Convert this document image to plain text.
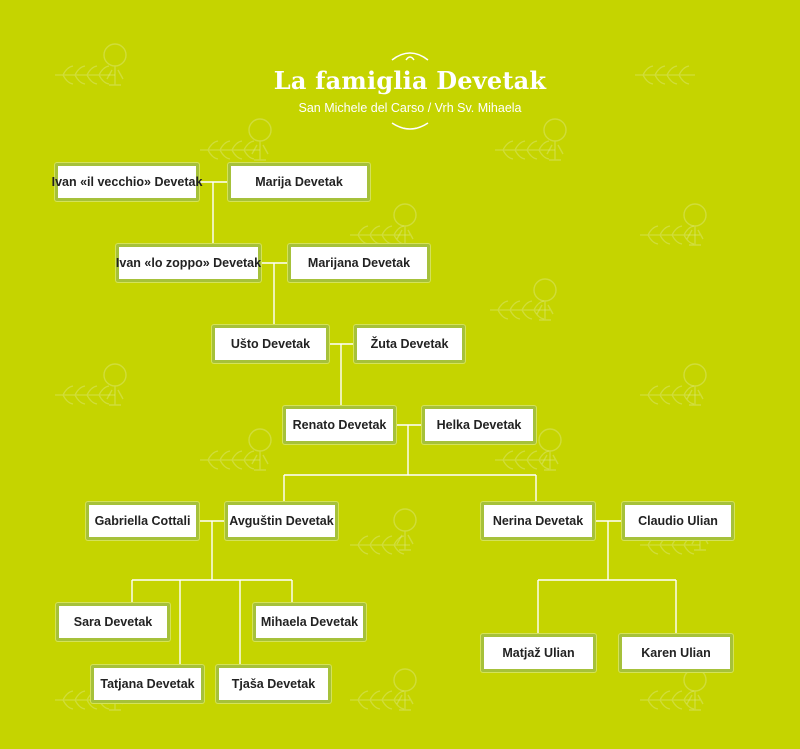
La famiglia Devetak
San Michele del Carso / Vrh Sv. Mihaela
Ivan «il vecchio» Devetak	Marija Devetak
Ivan «lo zoppo» Devetak	Marijana Devetak
Ušto Devetak	Žuta Devetak
Renato Devetak	Helka Devetak
Gabriella Cottali	Avguštin Devetak	Nerina Devetak	Claudio Ulian
Sara Devetak	Mihaela Devetak
Tatjana Devetak	Tjaša Devetak
Matjaž Ulian	Karen Ulian
